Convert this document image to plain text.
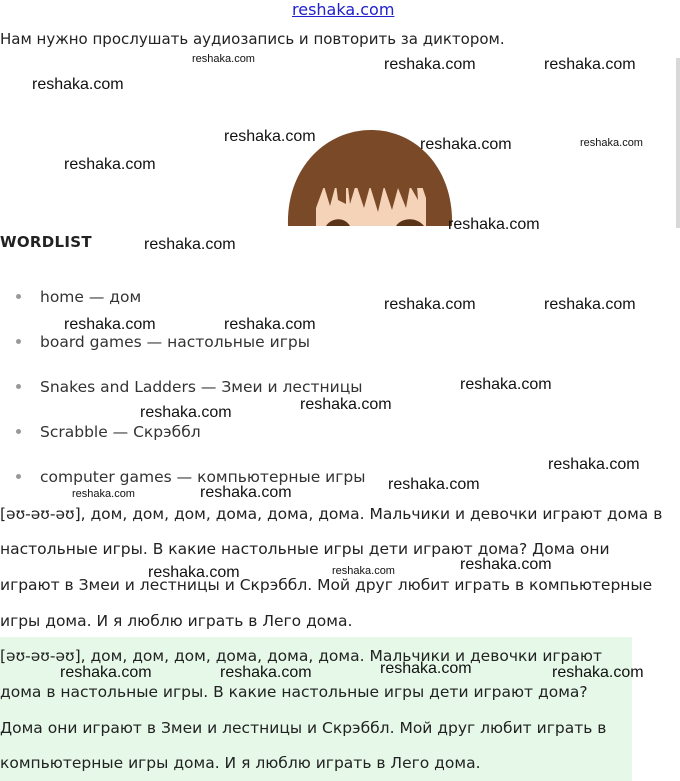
reshaka.com
Нам нужно прослушать аудиозапись и повторить за диктором.
WORDLIST
home — дом
board games — настольные игры
Snakes and Ladders — Змеи и лестницы
Scrabble — Скрэббл
computer games — компьютерные игры
[əʊ-əʊ-əʊ], дом, дом, дом, дома, дома, дома. Мальчики и девочки играют дома в
настольные игры. В какие настольные игры дети играют дома? Дома они
играют в Змеи и лестницы и Скрэббл. Мой друг любит играть в компьютерные
игры дома. И я люблю играть в Лего дома.
[əʊ-əʊ-əʊ], дом, дом, дом, дома, дома, дома. Мальчики и девочки играют
дома в настольные игры. В какие настольные игры дети играют дома?
Дома они играют в Змеи и лестницы и Скрэббл. Мой друг любит играть в
компьютерные игры дома. И я люблю играть в Лего дома.
reshaka.com	reshaka.com	reshaka.com
reshaka.com
reshaka.com	reshaka.com	reshaka.com
reshaka.com
reshaka.com
reshaka.com
reshaka.com	reshaka.com
reshaka.com	reshaka.com
reshaka.com
reshaka.com
reshaka.com
reshaka.com
reshaka.com
reshaka.com	reshaka.com
reshaka.com	reshaka.com	reshaka.com
reshaka.com
reshaka.com	reshaka.com	reshaka.com
